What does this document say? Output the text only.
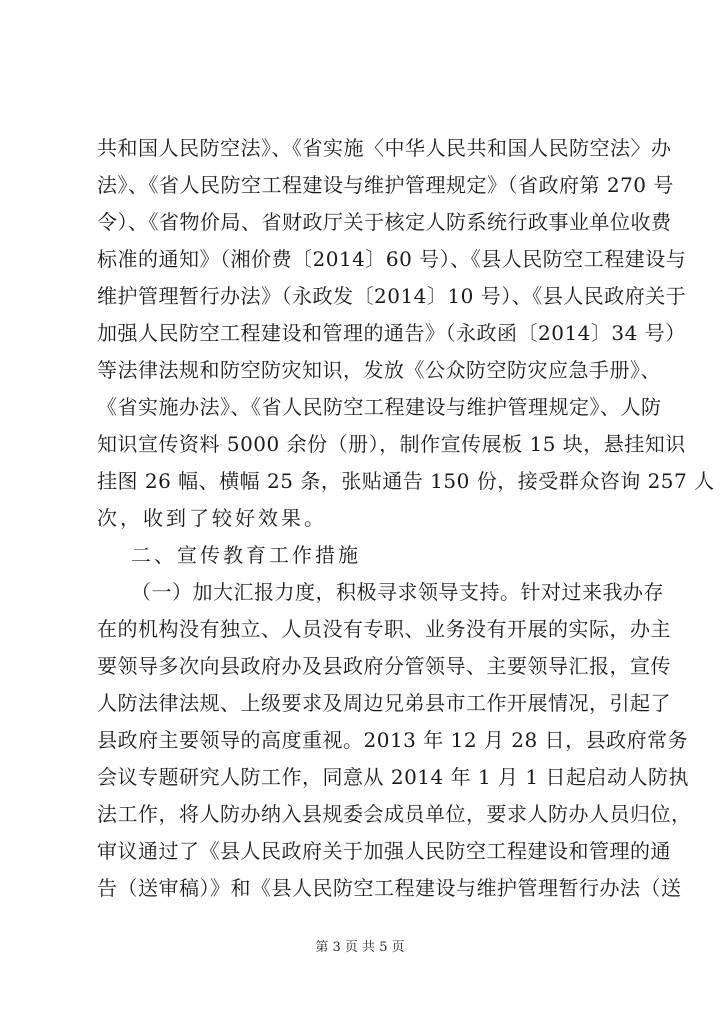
共和国人民防空法》、《省实施〈中华人民共和国人民防空法〉办
法》、《省人民防空工程建设与维护管理规定》（省政府第 270 号
令）、《省物价局、省财政厅关于核定人防系统行政事业单位收费
标准的通知》（湘价费〔2014〕60 号）、《县人民防空工程建设与
维护管理暂行办法》（永政发〔2014〕10 号）、《县人民政府关于
加强人民防空工程建设和管理的通告》（永政函〔2014〕34 号）
等法律法规和防空防灾知识，发放《公众防空防灾应急手册》、
《省实施办法》、《省人民防空工程建设与维护管理规定》、人防
知识宣传资料 5000 余份（册），制作宣传展板 15 块，悬挂知识
挂图 26 幅、横幅 25 条，张贴通告 150 份，接受群众咨询 257 人
次，收到了较好效果。
二、宣传教育工作措施
（一）加大汇报力度，积极寻求领导支持。针对过来我办存
在的机构没有独立、人员没有专职、业务没有开展的实际，办主
要领导多次向县政府办及县政府分管领导、主要领导汇报，宣传
人防法律法规、上级要求及周边兄弟县市工作开展情况，引起了
县政府主要领导的高度重视。2013 年 12 月 28 日，县政府常务
会议专题研究人防工作，同意从 2014 年 1 月 1 日起启动人防执
法工作，将人防办纳入县规委会成员单位，要求人防办人员归位，
审议通过了《县人民政府关于加强人民防空工程建设和管理的通
告（送审稿）》和《县人民防空工程建设与维护管理暂行办法（送
第 3 页 共 5 页
